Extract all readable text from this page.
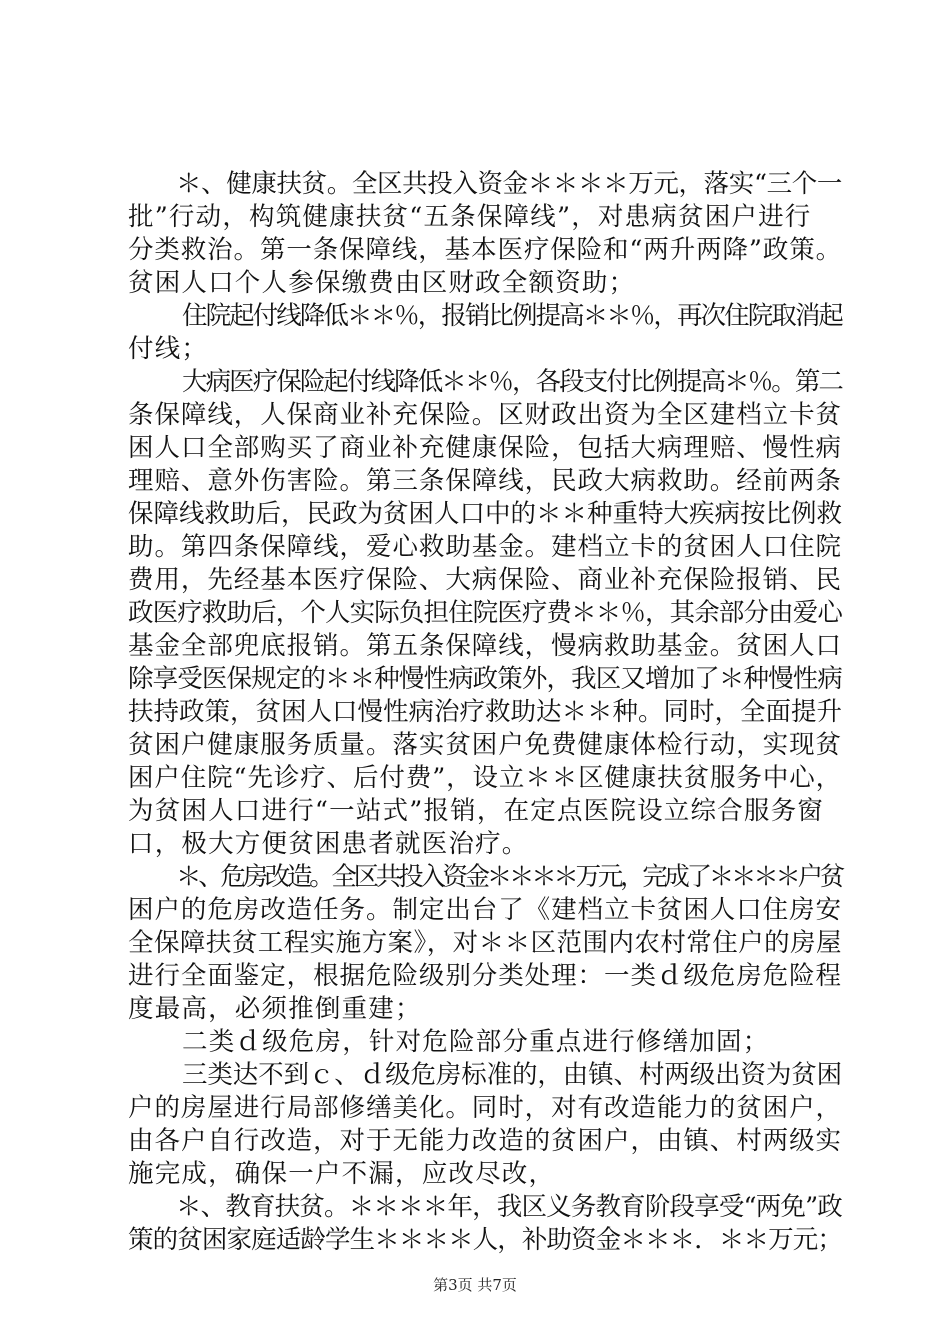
＊、健康扶贫。全区共投入资金＊＊＊＊万元，落实“三个一
批”行动，构筑健康扶贫“五条保障线”，对患病贫困户进行
分类救治。第一条保障线，基本医疗保险和“两升两降”政策。
贫困人口个人参保缴费由区财政全额资助；
住院起付线降低＊＊％，报销比例提高＊＊％，再次住院取消起
付线；
大病医疗保险起付线降低＊＊％，各段支付比例提高＊％。第二
条保障线，人保商业补充保险。区财政出资为全区建档立卡贫
困人口全部购买了商业补充健康保险，包括大病理赔、慢性病
理赔、意外伤害险。第三条保障线，民政大病救助。经前两条
保障线救助后，民政为贫困人口中的＊＊种重特大疾病按比例救
助。第四条保障线，爱心救助基金。建档立卡的贫困人口住院
费用，先经基本医疗保险、大病保险、商业补充保险报销、民
政医疗救助后，个人实际负担住院医疗费＊＊％，其余部分由爱心
基金全部兜底报销。第五条保障线，慢病救助基金。贫困人口
除享受医保规定的＊＊种慢性病政策外，我区又增加了＊种慢性病
扶持政策，贫困人口慢性病治疗救助达＊＊种。同时，全面提升
贫困户健康服务质量。落实贫困户免费健康体检行动，实现贫
困户住院“先诊疗、后付费”，设立＊＊区健康扶贫服务中心，
为贫困人口进行“一站式”报销，在定点医院设立综合服务窗
口，极大方便贫困患者就医治疗。
＊、危房改造。全区共投入资金＊＊＊＊万元，完成了＊＊＊＊户贫
困户的危房改造任务。制定出台了《建档立卡贫困人口住房安
全保障扶贫工程实施方案》，对＊＊区范围内农村常住户的房屋
进行全面鉴定，根据危险级别分类处理：一类ｄ级危房危险程
度最高，必须推倒重建；
二类ｄ级危房，针对危险部分重点进行修缮加固；
三类达不到ｃ、ｄ级危房标准的，由镇、村两级出资为贫困
户的房屋进行局部修缮美化。同时，对有改造能力的贫困户，
由各户自行改造，对于无能力改造的贫困户，由镇、村两级实
施完成，确保一户不漏，应改尽改，
＊、教育扶贫。＊＊＊＊年，我区义务教育阶段享受“两免”政
策的贫困家庭适龄学生＊＊＊＊人，补助资金＊＊＊．＊＊万元；
第3页 共7页
